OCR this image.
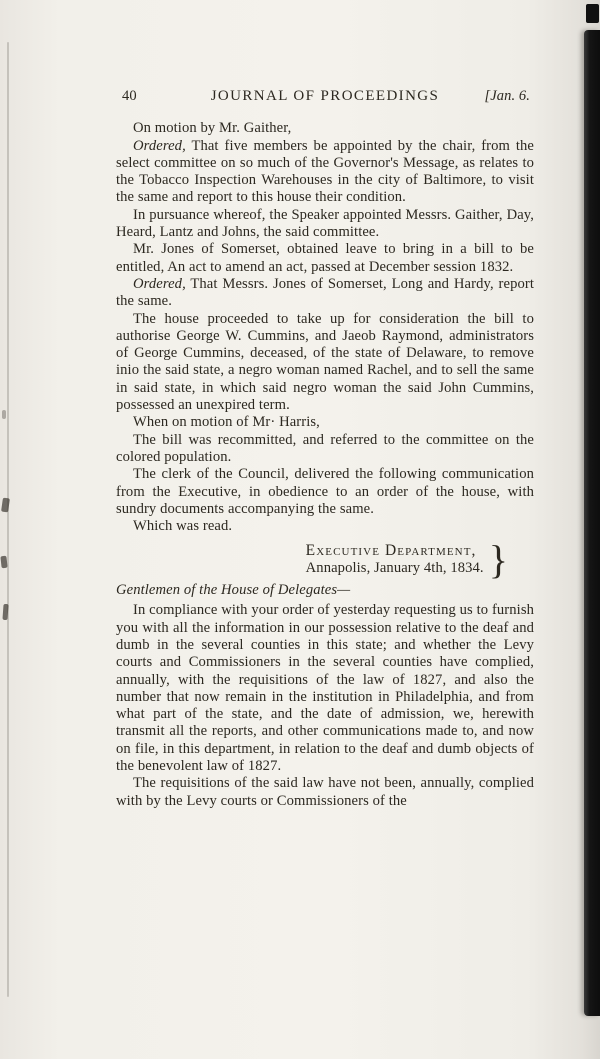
40	JOURNAL OF PROCEEDINGS	[Jan. 6.

On motion by Mr. Gaither,

Ordered, That five members be appointed by the chair, from the select committee on so much of the Governor's Message, as relates to the Tobacco Inspection Warehouses in the city of Baltimore, to visit the same and report to this house their condition.

In pursuance whereof, the Speaker appointed Messrs. Gaither, Day, Heard, Lantz and Johns, the said committee.

Mr. Jones of Somerset, obtained leave to bring in a bill to be entitled, An act to amend an act, passed at December session 1832.

Ordered, That Messrs. Jones of Somerset, Long and Hardy, report the same.

The house proceeded to take up for consideration the bill to authorise George W. Cummins, and Jaeob Raymond, administrators of George Cummins, deceased, of the state of Delaware, to remove inio the said state, a negro woman named Rachel, and to sell the same in said state, in which said negro woman the said John Cummins, possessed an unexpired term.

When on motion of Mr· Harris,

The bill was recommitted, and referred to the committee on the colored population.

The clerk of the Council, delivered the following communication from the Executive, in obedience to an order of the house, with sundry documents accompanying the same.

Which was read.

Executive Department,
Annapolis, January 4th, 1834. }

Gentlemen of the House of Delegates—

In compliance with your order of yesterday requesting us to furnish you with all the information in our possession relative to the deaf and dumb in the several counties in this state; and whether the Levy courts and Commissioners in the several counties have complied, annually, with the requisitions of the law of 1827, and also the number that now remain in the institution in Philadelphia, and from what part of the state, and the date of admission, we, herewith transmit all the reports, and other communications made to, and now on file, in this department, in relation to the deaf and dumb objects of the benevolent law of 1827.

The requisitions of the said law have not been, annually, complied with by the Levy courts or Commissioners of the
